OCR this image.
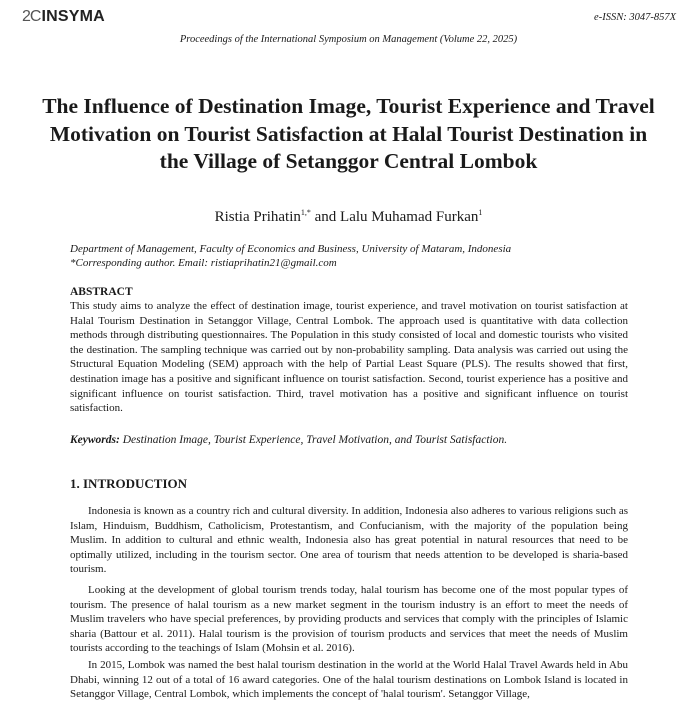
2CINSYMA	e-ISSN: 3047-857X
Proceedings of the International Symposium on Management (Volume 22, 2025)
The Influence of Destination Image, Tourist Experience and Travel Motivation on Tourist Satisfaction at Halal Tourist Destination in the Village of Setanggor Central Lombok
Ristia Prihatin$^{1,*}$ and Lalu Muhamad Furkan$^1$
Department of Management, Faculty of Economics and Business, University of Mataram, Indonesia
*Corresponding author. Email: ristiaprihatin21@gmail.com
ABSTRACT
This study aims to analyze the effect of destination image, tourist experience, and travel motivation on tourist satisfaction at Halal Tourism Destination in Setanggor Village, Central Lombok. The approach used is quantitative with data collection methods through distributing questionnaires. The Population in this study consisted of local and domestic tourists who visited the destination. The sampling technique was carried out by non-probability sampling. Data analysis was carried out using the Structural Equation Modeling (SEM) approach with the help of Partial Least Square (PLS). The results showed that first, destination image has a positive and significant influence on tourist satisfaction. Second, tourist experience has a positive and significant influence on tourist satisfaction. Third, travel motivation has a positive and significant influence on tourist satisfaction.
Keywords: Destination Image, Tourist Experience, Travel Motivation, and Tourist Satisfaction.
1. INTRODUCTION
Indonesia is known as a country rich and cultural diversity. In addition, Indonesia also adheres to various religions such as Islam, Hinduism, Buddhism, Catholicism, Protestantism, and Confucianism, with the majority of the population being Muslim. In addition to cultural and ethnic wealth, Indonesia also has great potential in natural resources that need to be optimally utilized, including in the tourism sector. One area of tourism that needs attention to be developed is sharia-based tourism.
Looking at the development of global tourism trends today, halal tourism has become one of the most popular types of tourism. The presence of halal tourism as a new market segment in the tourism industry is an effort to meet the needs of Muslim travelers who have special preferences, by providing products and services that comply with the principles of Islamic sharia (Battour et al. 2011). Halal tourism is the provision of tourism products and services that meet the needs of Muslim tourists according to the teachings of Islam (Mohsin et al. 2016).
In 2015, Lombok was named the best halal tourism destination in the world at the World Halal Travel Awards held in Abu Dhabi, winning 12 out of a total of 16 award categories. One of the halal tourism destinations on Lombok Island is located in Setanggor Village, Central Lombok, which implements the concept of 'halal tourism'. Setanggor Village,
